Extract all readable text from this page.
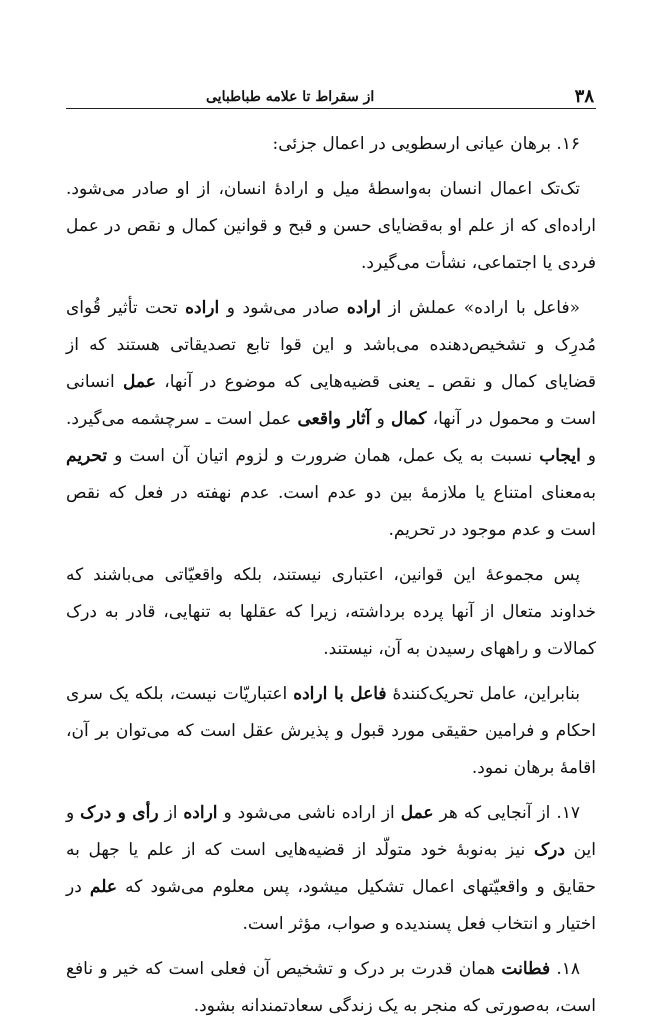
۳۸
از سقراط تا علامه طباطبایی

۱۶. برهان عیانی ارسطویی در اعمال جزئی:

تک‌تک اعمال انسان به‌واسطهٔ میل و ارادهٔ انسان، از او صادر می‌شود. اراده‌ای که از علم او به‌قضایای حسن و قبح و قوانین کمال و نقص در عمل فردی یا اجتماعی، نشأت می‌گیرد.

«فاعل با اراده» عملش از اراده صادر می‌شود و اراده تحت تأثیر قُوای مُدرِک و تشخیص‌دهنده می‌باشد و این قوا تابع تصدیقاتی هستند که از قضایای کمال و نقص ـ یعنی قضیه‌هایی که موضوع در آنها، عمل انسانی است و محمول در آنها، کمال و آثار واقعی عمل است ـ سرچشمه می‌گیرد. و ایجاب نسبت به یک عمل، همان ضرورت و لزوم اتیان آن است و تحریم به‌معنای امتناع یا ملازمهٔ بین دو عدم است. عدم نهفته در فعل که نقص است و عدم موجود در تحریم.

پس مجموعهٔ این قوانین، اعتباری نیستند، بلکه واقعیّاتی می‌باشند که خداوند متعال از آنها پرده برداشته، زیرا که عقلها به تنهایی، قادر به درک کمالات و راههای رسیدن به آن، نیستند.

بنابراین، عامل تحریک‌کنندهٔ فاعل با اراده اعتباریّات نیست، بلکه یک سری احکام و فرامین حقیقی مورد قبول و پذیرش عقل است که می‌توان بر آن، اقامهٔ برهان نمود.

۱۷. از آنجایی که هر عمل از اراده ناشی می‌شود و اراده از رأی و درک و این درک نیز به‌نوبهٔ خود متولّد از قضیه‌هایی است که از علم یا جهل به حقایق و واقعیّتهای اعمال تشکیل میشود، پس معلوم می‌شود که علم در اختیار و انتخاب فعل پسندیده و صواب، مؤثر است.

۱۸. فطانت همان قدرت بر درک و تشخیص آن فعلی است که خیر و نافع است، به‌صورتی که منجر به یک زندگی سعادتمندانه بشود.
